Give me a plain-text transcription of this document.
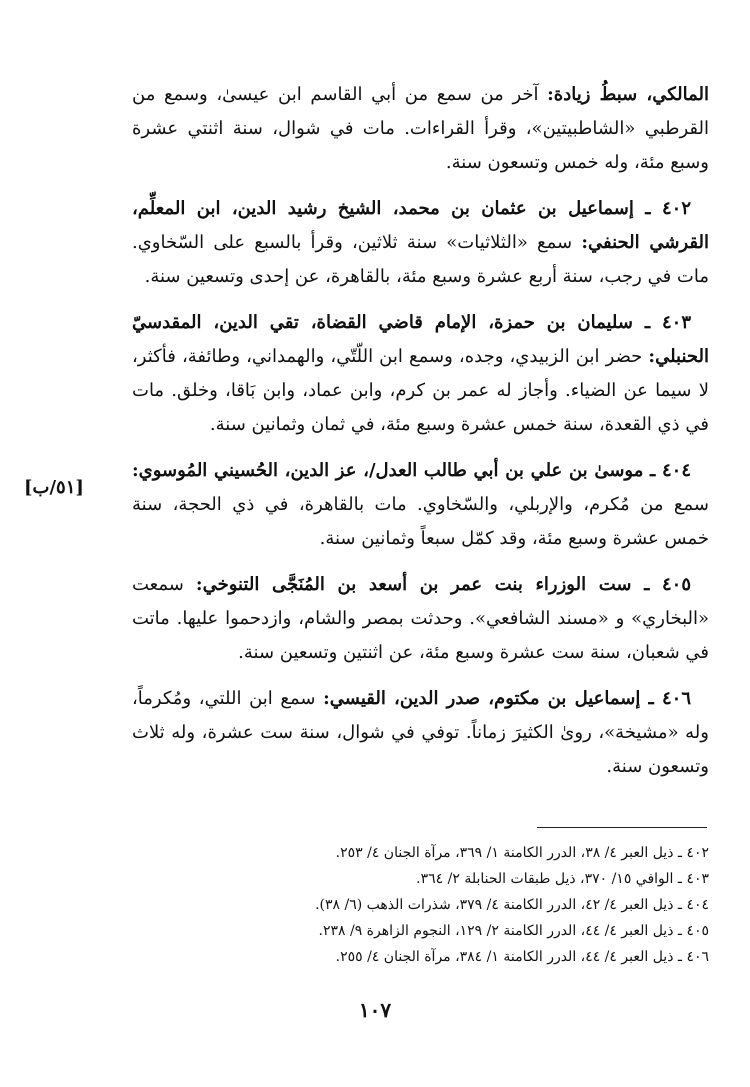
المالكي، سبطُ زيادة: آخر من سمع من أبي القاسم ابن عيسىٰ، وسمع من القرطبي «الشاطبيتين»، وقرأ القراءات. مات في شوال، سنة اثنتي عشرة وسبع مئة، وله خمس وتسعون سنة.

٤٠٢ ـ إسماعيل بن عثمان بن محمد، الشيخ رشيد الدين، ابن المعلِّم، القرشي الحنفي: سمع «الثلاثيات» سنة ثلاثين، وقرأ بالسبع على السّخاوي. مات في رجب، سنة أربع عشرة وسبع مئة، بالقاهرة، عن إحدى وتسعين سنة.

٤٠٣ ـ سليمان بن حمزة، الإمام قاضي القضاة، تقي الدين، المقدسيّ الحنبلي: حضر ابن الزبيدي، وجده، وسمع ابن اللّتّي، والهمداني، وطائفة، فأكثر، لا سيما عن الضياء. وأجاز له عمر بن كرم، وابن عماد، وابن بَاقا، وخلق. مات في ذي القعدة، سنة خمس عشرة وسبع مئة، في ثمان وثمانين سنة.

٤٠٤ ـ موسىٰ بن علي بن أبي طالب العدل/، عز الدين، الحُسيني المُوسوي: سمع من مُكرم، والإربلي، والسّخاوي. مات بالقاهرة، في ذي الحجة، سنة خمس عشرة وسبع مئة، وقد كمّل سبعاً وثمانين سنة.

٤٠٥ ـ ست الوزراء بنت عمر بن أسعد بن المُنَجَّى التنوخي: سمعت «البخاري» و «مسند الشافعي». وحدثت بمصر والشام، وازدحموا عليها. ماتت في شعبان، سنة ست عشرة وسبع مئة، عن اثنتين وتسعين سنة.

٤٠٦ ـ إسماعيل بن مكتوم، صدر الدين، القيسي: سمع ابن اللتي، ومُكرماً، وله «مشيخة»، روىٰ الكثيرَ زماناً. توفي في شوال، سنة ست عشرة، وله ثلاث وتسعون سنة.

[٥١/ب]
٤٠٢ ـ ذيل العبر ٤/ ٣٨، الدرر الكامنة ١/ ٣٦٩، مرآة الجنان ٤/ ٢٥٣.
٤٠٣ ـ الوافي ١٥/ ٣٧٠، ذيل طبقات الحنابلة ٢/ ٣٦٤.
٤٠٤ ـ ذيل العبر ٤/ ٤٢، الدرر الكامنة ٤/ ٣٧٩، شذرات الذهب (٦/ ٣٨).
٤٠٥ ـ ذيل العبر ٤/ ٤٤، الدرر الكامنة ٢/ ١٢٩، النجوم الزاهرة ٩/ ٢٣٨.
٤٠٦ ـ ذيل العبر ٤/ ٤٤، الدرر الكامنة ١/ ٣٨٤، مرآة الجنان ٤/ ٢٥٥.
١٠٧
